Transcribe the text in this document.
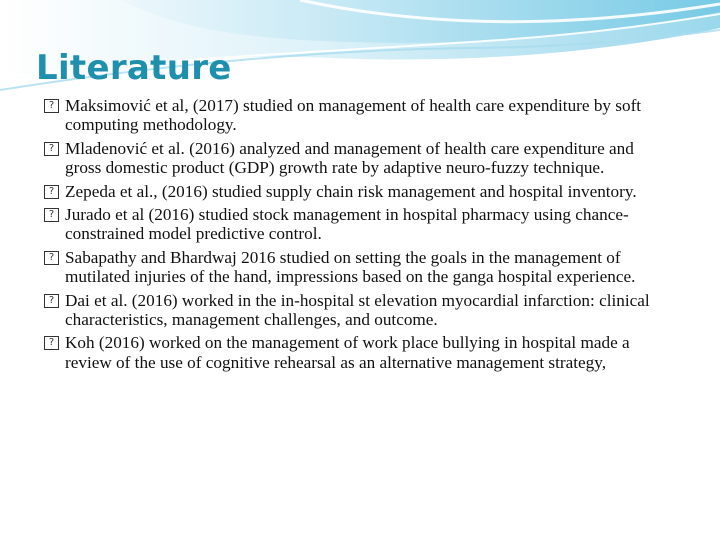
Literature
? Maksimović et al, (2017) studied on management of health care expenditure by soft computing methodology.
? Mladenović et al. (2016) analyzed and management of health care expenditure and gross domestic product (GDP) growth rate by adaptive neuro-fuzzy technique.
? Zepeda et al., (2016) studied supply chain risk management and hospital inventory.
? Jurado et al (2016) studied stock management in hospital pharmacy using chance-constrained model predictive control.
? Sabapathy and Bhardwaj 2016 studied on setting the goals in the management of mutilated injuries of the hand, impressions based on the ganga hospital experience.
? Dai et al. (2016) worked in the in-hospital st elevation myocardial infarction: clinical characteristics, management challenges, and outcome.
? Koh (2016) worked on the management of work place bullying in hospital made a review of the use of cognitive rehearsal as an alternative management strategy,
